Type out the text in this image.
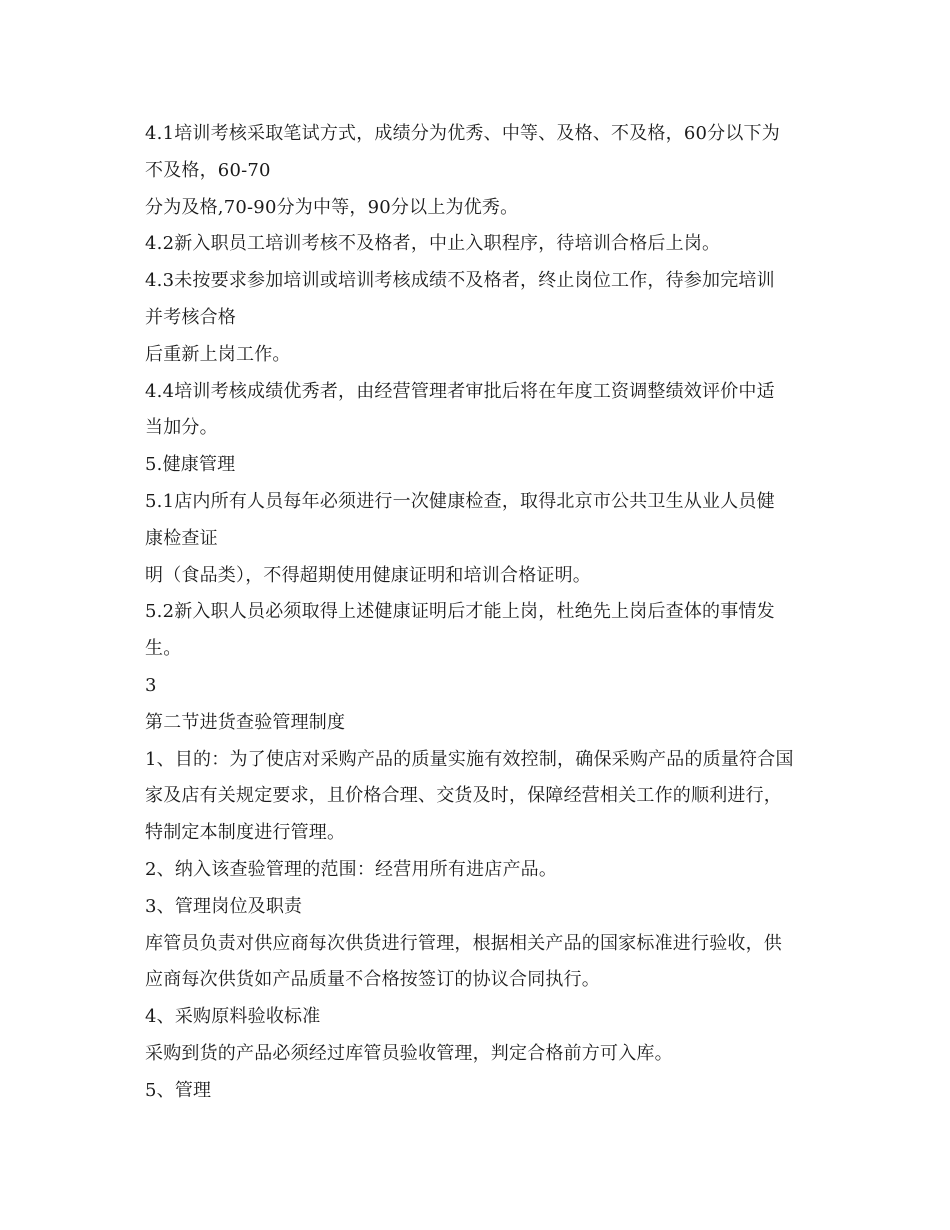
4.1培训考核采取笔试方式，成绩分为优秀、中等、及格、不及格，60分以下为
不及格，60-70
分为及格,70-90分为中等，90分以上为优秀。
4.2新入职员工培训考核不及格者，中止入职程序，待培训合格后上岗。
4.3未按要求参加培训或培训考核成绩不及格者，终止岗位工作，待参加完培训
并考核合格
后重新上岗工作。
4.4培训考核成绩优秀者，由经营管理者审批后将在年度工资调整绩效评价中适
当加分。
5.健康管理
5.1店内所有人员每年必须进行一次健康检查，取得北京市公共卫生从业人员健
康检查证
明（食品类），不得超期使用健康证明和培训合格证明。
5.2新入职人员必须取得上述健康证明后才能上岗，杜绝先上岗后查体的事情发
生。
3
第二节进货查验管理制度
1、目的：为了使店对采购产品的质量实施有效控制，确保采购产品的质量符合国
家及店有关规定要求，且价格合理、交货及时，保障经营相关工作的顺利进行，
特制定本制度进行管理。
2、纳入该查验管理的范围：经营用所有进店产品。
3、管理岗位及职责
库管员负责对供应商每次供货进行管理，根据相关产品的国家标准进行验收，供
应商每次供货如产品质量不合格按签订的协议合同执行。
4、采购原料验收标准
采购到货的产品必须经过库管员验收管理，判定合格前方可入库。
5、管理
